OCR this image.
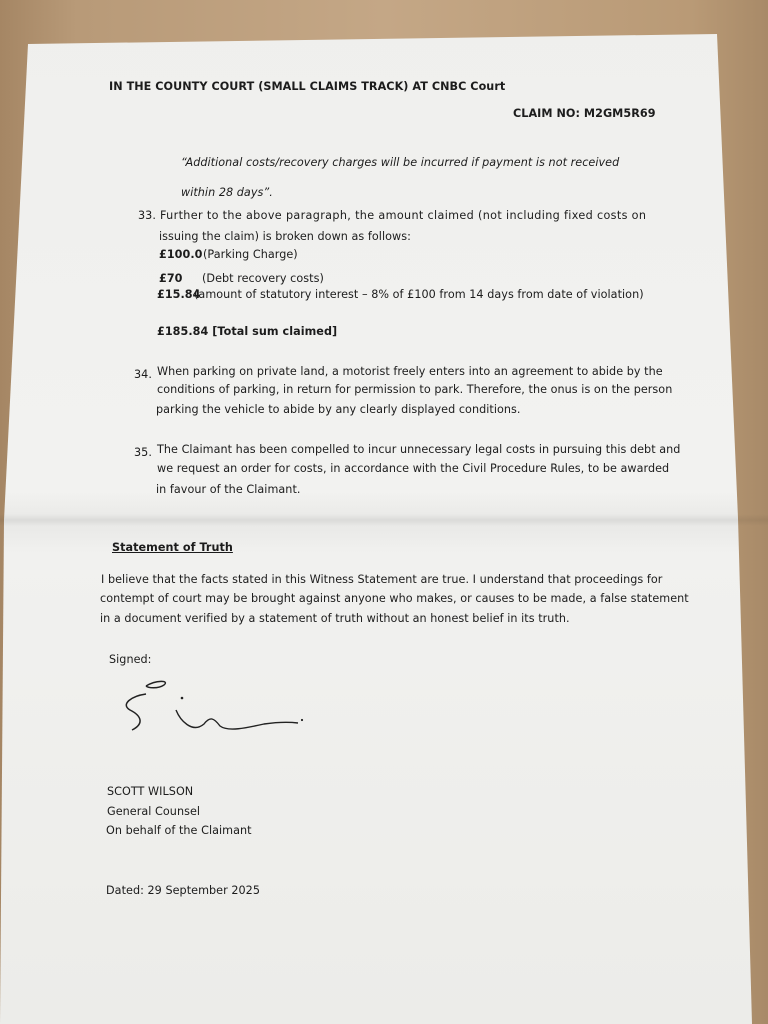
IN THE COUNTY COURT (SMALL CLAIMS TRACK) AT CNBC Court
CLAIM NO: M2GM5R69
“Additional costs/recovery charges will be incurred if payment is not received
within 28 days”.
33. Further to the above paragraph, the amount claimed (not including fixed costs on
issuing the claim) is broken down as follows:
£100.0 (Parking Charge)
£70 (Debt recovery costs)
£15.84
(amount of statutory interest – 8% of £100 from 14 days from date of violation)
£185.84 [Total sum claimed]
34. When parking on private land, a motorist freely enters into an agreement to abide by the
conditions of parking, in return for permission to park. Therefore, the onus is on the person
parking the vehicle to abide by any clearly displayed conditions.
35. The Claimant has been compelled to incur unnecessary legal costs in pursuing this debt and
we request an order for costs, in accordance with the Civil Procedure Rules, to be awarded
in favour of the Claimant.
Statement of Truth
I believe that the facts stated in this Witness Statement are true. I understand that proceedings for
contempt of court may be brought against anyone who makes, or causes to be made, a false statement
in a document verified by a statement of truth without an honest belief in its truth.
Signed:
SCOTT WILSON
General Counsel
On behalf of the Claimant
Dated: 29 September 2025
